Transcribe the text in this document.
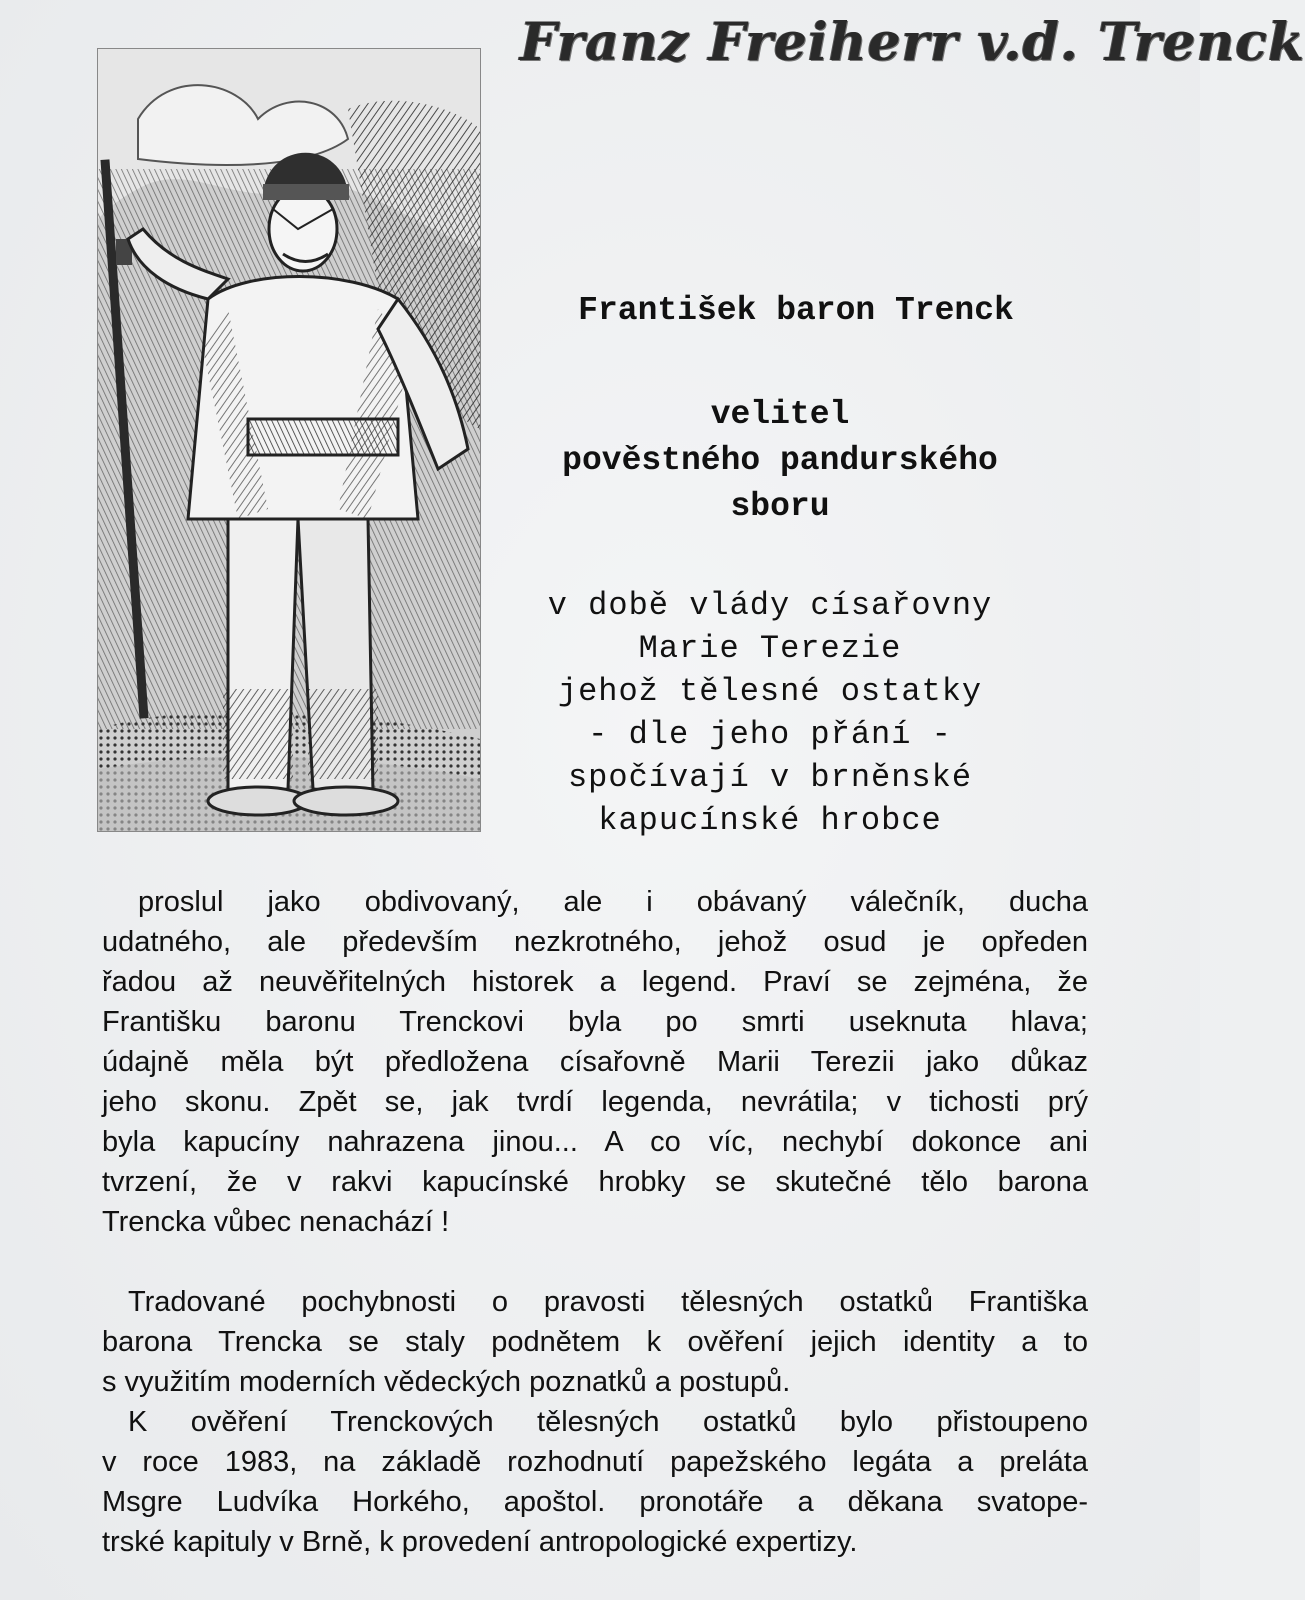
Franz Freiherr v.d. Trenck
František baron Trenck
velitel
pověstného pandurského
sboru
v době vlády císařovny
Marie Terezie
jehož tělesné ostatky
- dle jeho přání -
spočívají v brněnské
kapucínské hrobce
proslul jako obdivovaný, ale i obávaný válečník, ducha
udatného, ale především nezkrotného, jehož osud je opředen
řadou až neuvěřitelných historek a legend. Praví se zejména, že
Františku baronu Trenckovi byla po smrti useknuta hlava;
údajně měla být předložena císařovně Marii Terezii jako důkaz
jeho skonu. Zpět se, jak tvrdí legenda, nevrátila; v tichosti prý
byla kapucíny nahrazena jinou... A co víc, nechybí dokonce ani
tvrzení, že v rakvi kapucínské hrobky se skutečné tělo barona
Trencka vůbec nenachází !
Tradované pochybnosti o pravosti tělesných ostatků Františka
barona Trencka se staly podnětem k ověření jejich identity a to
s využitím moderních vědeckých poznatků a postupů.
K ověření Trenckových tělesných ostatků bylo přistoupeno
v roce 1983, na základě rozhodnutí papežského legáta a preláta
Msgre Ludvíka Horkého, apoštol. pronotáře a děkana svatope-
trské kapituly v Brně, k provedení antropologické expertizy.
